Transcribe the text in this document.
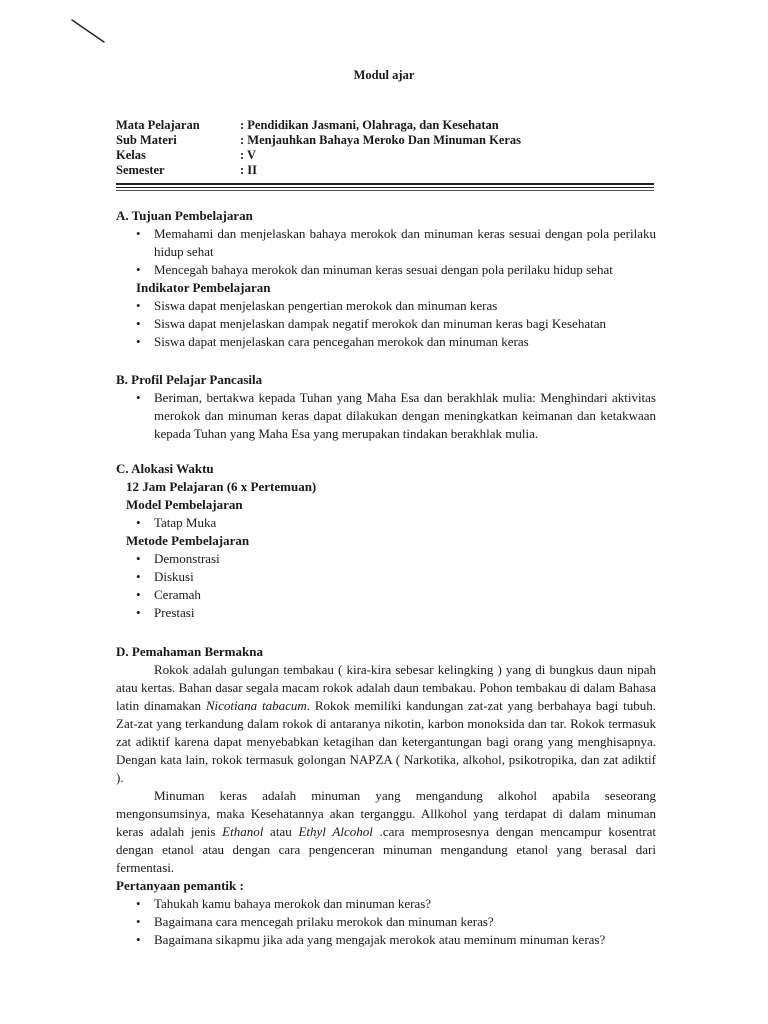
Modul ajar
Mata Pelajaran	: Pendidikan Jasmani, Olahraga, dan Kesehatan
Sub Materi	: Menjauhkan Bahaya Meroko Dan Minuman Keras
Kelas	: V
Semester	: II
A. Tujuan Pembelajaran
• Memahami dan menjelaskan bahaya merokok dan minuman keras sesuai dengan pola perilaku hidup sehat
• Mencegah bahaya merokok dan minuman keras sesuai dengan pola perilaku hidup sehat
Indikator Pembelajaran
• Siswa dapat menjelaskan pengertian merokok dan minuman keras
• Siswa dapat menjelaskan dampak negatif merokok dan minuman keras bagi Kesehatan
• Siswa dapat menjelaskan cara pencegahan merokok dan minuman keras
B. Profil Pelajar Pancasila
• Beriman, bertakwa kepada Tuhan yang Maha Esa dan berakhlak mulia: Menghindari aktivitas merokok dan minuman keras dapat dilakukan dengan meningkatkan keimanan dan ketakwaan kepada Tuhan yang Maha Esa yang merupakan tindakan berakhlak mulia.
C. Alokasi Waktu
12 Jam Pelajaran (6 x Pertemuan)
Model Pembelajaran
• Tatap Muka
Metode Pembelajaran
• Demonstrasi
• Diskusi
• Ceramah
• Prestasi
D. Pemahaman Bermakna
Rokok adalah gulungan tembakau ( kira-kira sebesar kelingking ) yang di bungkus daun nipah atau kertas. Bahan dasar segala macam rokok adalah daun tembakau. Pohon tembakau di dalam Bahasa latin dinamakan Nicotiana tabacum. Rokok memiliki kandungan zat-zat yang berbahaya bagi tubuh. Zat-zat yang terkandung dalam rokok di antaranya nikotin, karbon monoksida dan tar. Rokok termasuk zat adiktif karena dapat menyebabkan ketagihan dan ketergantungan bagi orang yang menghisapnya. Dengan kata lain, rokok termasuk golongan NAPZA ( Narkotika, alkohol, psikotropika, dan zat adiktif ).
Minuman keras adalah minuman yang mengandung alkohol apabila seseorang mengonsumsinya, maka Kesehatannya akan terganggu. Allkohol yang terdapat di dalam minuman keras adalah jenis Ethanol atau Ethyl Alcohol .cara memprosesnya dengan mencampur kosentrat dengan etanol atau dengan cara pengenceran minuman mengandung etanol yang berasal dari fermentasi.
Pertanyaan pemantik :
• Tahukah kamu bahaya merokok dan minuman keras?
• Bagaimana cara mencegah prilaku merokok dan minuman keras?
• Bagaimana sikapmu jika ada yang mengajak merokok atau meminum minuman keras?
